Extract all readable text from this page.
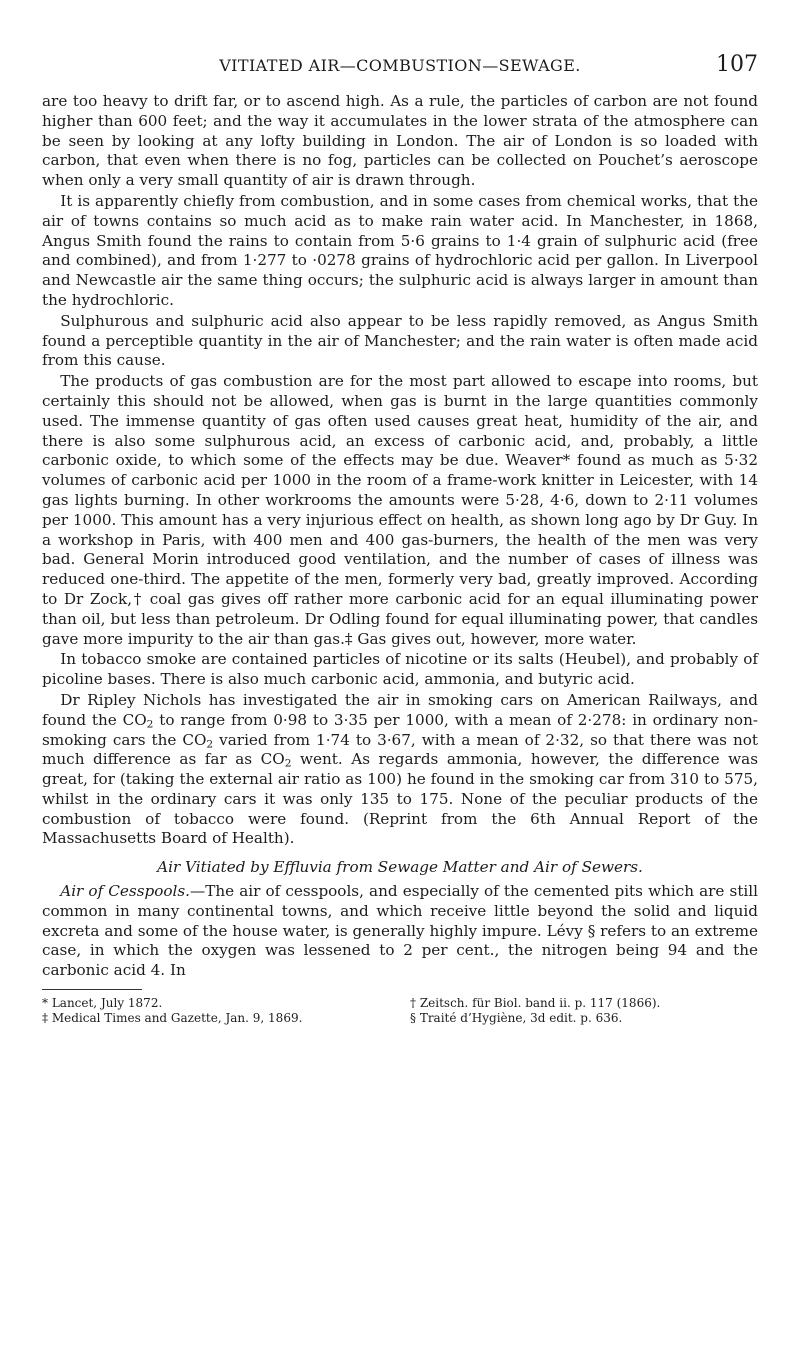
VITIATED AIR—COMBUSTION—SEWAGE.	107

are too heavy to drift far, or to ascend high. As a rule, the particles of carbon are not found higher than 600 feet; and the way it accumulates in the lower strata of the atmosphere can be seen by looking at any lofty building in London. The air of London is so loaded with carbon, that even when there is no fog, particles can be collected on Pouchet’s aeroscope when only a very small quantity of air is drawn through.

It is apparently chiefly from combustion, and in some cases from chemical works, that the air of towns contains so much acid as to make rain water acid. In Manchester, in 1868, Angus Smith found the rains to contain from 5·6 grains to 1·4 grain of sulphuric acid (free and combined), and from 1·277 to ·0278 grains of hydrochloric acid per gallon. In Liverpool and Newcastle air the same thing occurs; the sulphuric acid is always larger in amount than the hydrochloric.

Sulphurous and sulphuric acid also appear to be less rapidly removed, as Angus Smith found a perceptible quantity in the air of Manchester; and the rain water is often made acid from this cause.

The products of gas combustion are for the most part allowed to escape into rooms, but certainly this should not be allowed, when gas is burnt in the large quantities commonly used. The immense quantity of gas often used causes great heat, humidity of the air, and there is also some sulphurous acid, an excess of carbonic acid, and, probably, a little carbonic oxide, to which some of the effects may be due. Weaver* found as much as 5·32 volumes of carbonic acid per 1000 in the room of a frame-work knitter in Leicester, with 14 gas lights burning. In other workrooms the amounts were 5·28, 4·6, down to 2·11 volumes per 1000. This amount has a very injurious effect on health, as shown long ago by Dr Guy. In a workshop in Paris, with 400 men and 400 gas-burners, the health of the men was very bad. General Morin introduced good ventilation, and the number of cases of illness was reduced one-third. The appetite of the men, formerly very bad, greatly improved. According to Dr Zock,† coal gas gives off rather more carbonic acid for an equal illuminating power than oil, but less than petroleum. Dr Odling found for equal illuminating power, that candles gave more impurity to the air than gas.‡ Gas gives out, however, more water.

In tobacco smoke are contained particles of nicotine or its salts (Heubel), and probably of picoline bases. There is also much carbonic acid, ammonia, and butyric acid.

Dr Ripley Nichols has investigated the air in smoking cars on American Railways, and found the $CO_2$ to range from 0·98 to 3·35 per 1000, with a mean of 2·278: in ordinary non-smoking cars the $CO_2$ varied from 1·74 to 3·67, with a mean of 2·32, so that there was not much difference as far as $CO_2$ went. As regards ammonia, however, the difference was great, for (taking the external air ratio as 100) he found in the smoking car from 310 to 575, whilst in the ordinary cars it was only 135 to 175. None of the peculiar products of the combustion of tobacco were found. (Reprint from the 6th Annual Report of the Massachusetts Board of Health).

Air Vitiated by Effluvia from Sewage Matter and Air of Sewers.

Air of Cesspools.—The air of cesspools, and especially of the cemented pits which are still common in many continental towns, and which receive little beyond the solid and liquid excreta and some of the house water, is generally highly impure. Lévy § refers to an extreme case, in which the oxygen was lessened to 2 per cent., the nitrogen being 94 and the carbonic acid 4. In

* Lancet, July 1872.
‡ Medical Times and Gazette, Jan. 9, 1869.
† Zeitsch. für Biol. band ii. p. 117 (1866).
§ Traité d’Hygiène, 3d edit. p. 636.
